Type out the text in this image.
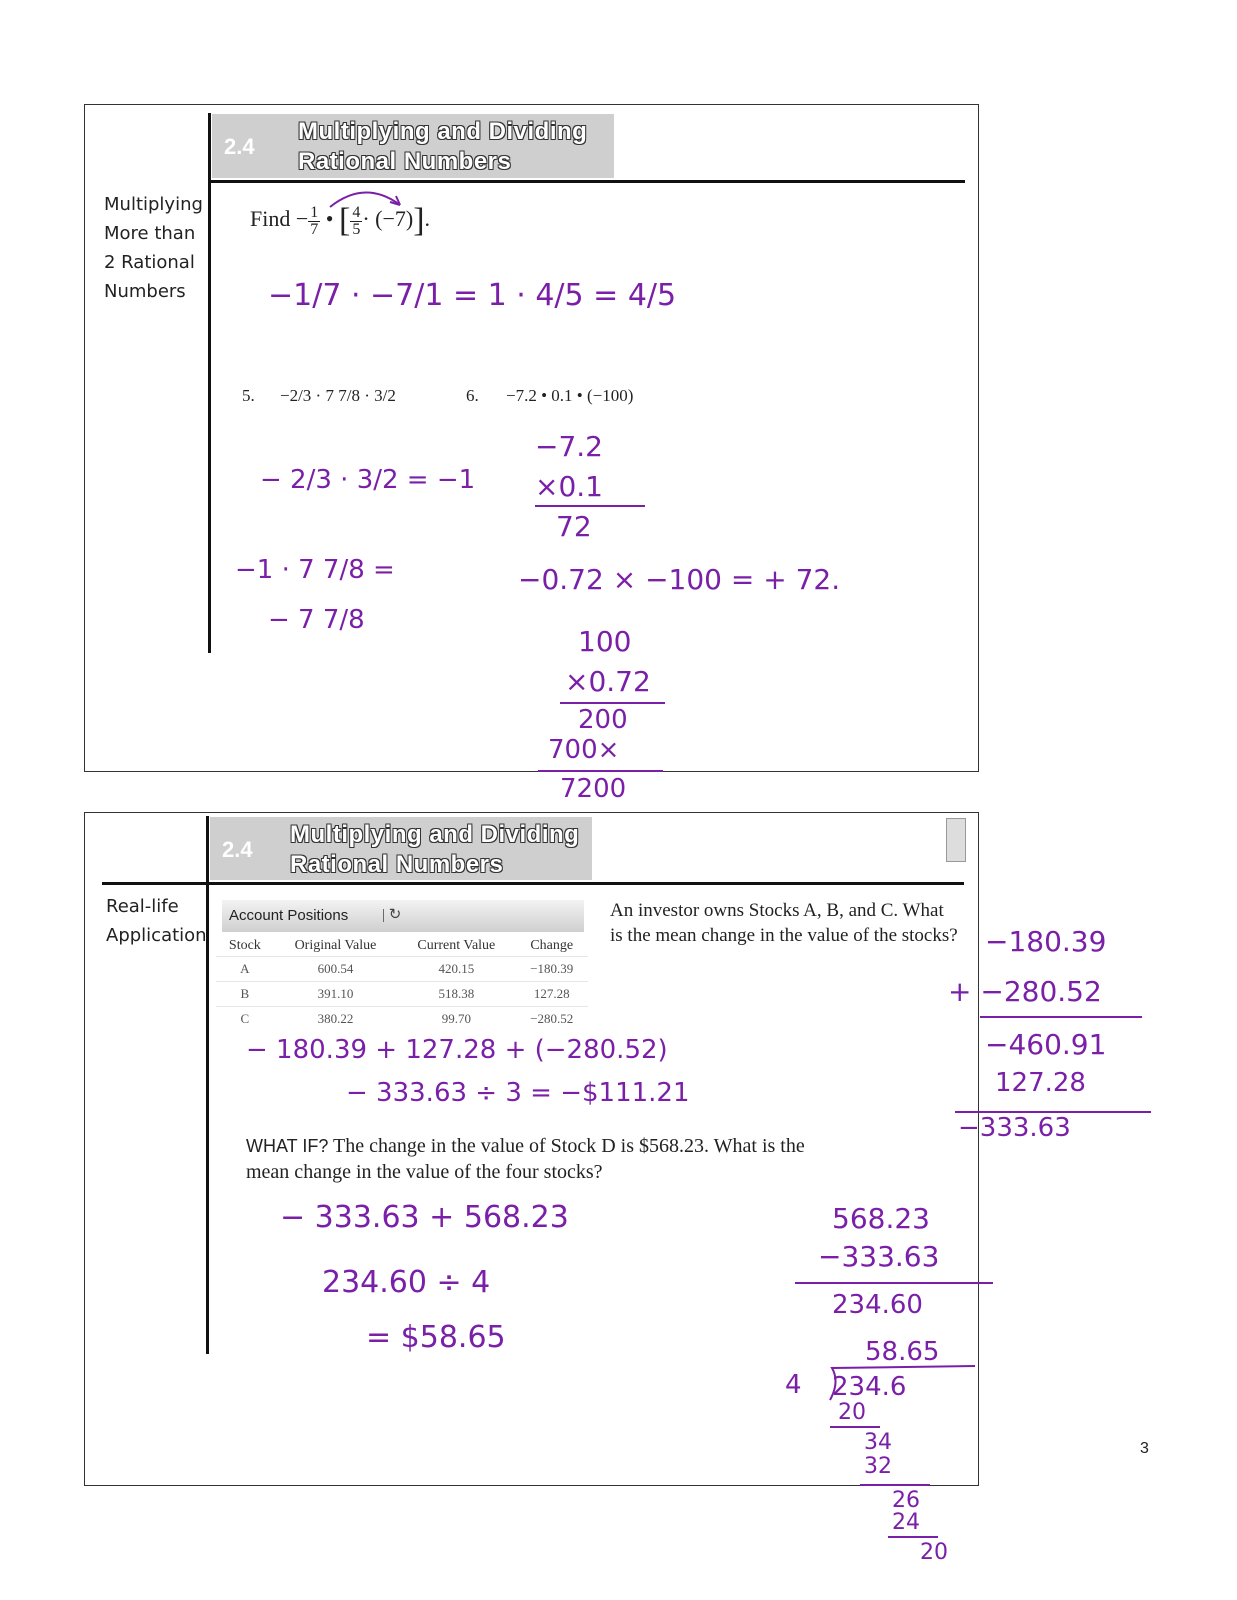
2.4
Multiplying and Dividing
Rational Numbers
Multiplying
More than
2 Rational
Numbers
Find − $\frac{1}{7}$ • [ $\frac{4}{5} \cdot (-7)$].
−1/7 · −7/1 = 1 · 4/5 = 4/5
5. −2/3 · 7 7/8 · 3/2	6. −7.2 • 0.1 • (−100)
− 2/3 · 3/2 = −1
−1 · 7 7/8 =
− 7 7/8
−7.2
×0.1
72
−0.72 × −100 = + 72.
100
×0.72
200
700×
7200
2.4
Multiplying and Dividing
Rational Numbers
Real-life
Application
Account Positions | ↻
Stock	Original Value	Current Value	Change
A	600.54	420.15	−180.39
B	391.10	518.38	127.28
C	380.22	99.70	−280.52
An investor owns Stocks A, B, and C. What is the mean change in the value of the stocks?
− 180.39 + 127.28 + (−280.52)
− 333.63 ÷ 3 = −$111.21
WHAT IF? The change in the value of Stock D is $568.23. What is the mean change in the value of the four stocks?
− 333.63 + 568.23
234.60 ÷ 4
= $58.65
−180.39
+ −280.52
−460.91
127.28
−333.63
568.23
−333.63
234.60
58.65
4 234.6
20
34
32
26
24
20
3
